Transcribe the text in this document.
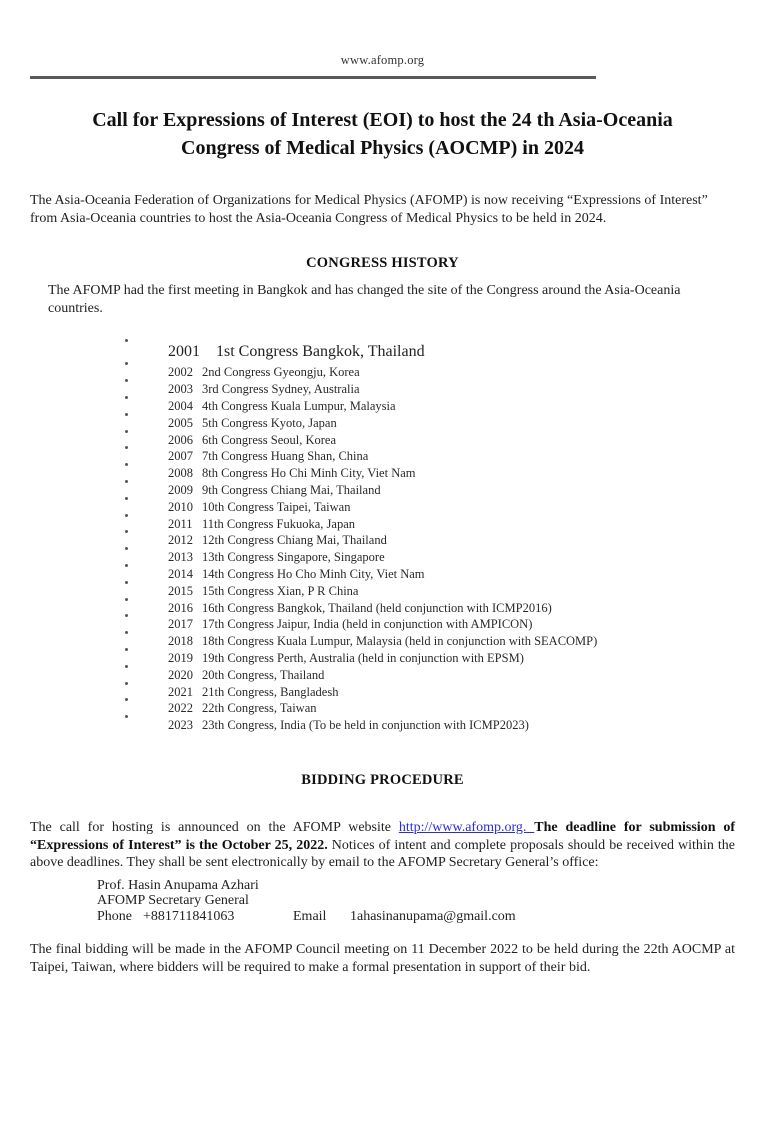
www.afomp.org
Call for Expressions of Interest (EOI) to host the 24 th Asia-Oceania Congress of Medical Physics (AOCMP) in 2024

The Asia-Oceania Federation of Organizations for Medical Physics (AFOMP) is now receiving “Expressions of Interest” from Asia-Oceania countries to host the Asia-Oceania Congress of Medical Physics to be held in 2024.

CONGRESS HISTORY

The AFOMP had the first meeting in Bangkok and has changed the site of the Congress around the Asia-Oceania countries.

2001 1st Congress Bangkok, Thailand
2002 2nd Congress Gyeongju, Korea
2003 3rd Congress Sydney, Australia
2004 4th Congress Kuala Lumpur, Malaysia
2005 5th Congress Kyoto, Japan
2006 6th Congress Seoul, Korea
2007 7th Congress Huang Shan, China
2008 8th Congress Ho Chi Minh City, Viet Nam
2009 9th Congress Chiang Mai, Thailand
2010 10th Congress Taipei, Taiwan
2011 11th Congress Fukuoka, Japan
2012 12th Congress Chiang Mai, Thailand
2013 13th Congress Singapore, Singapore
2014 14th Congress Ho Cho Minh City, Viet Nam
2015 15th Congress Xian, P R China
2016 16th Congress Bangkok, Thailand (held conjunction with ICMP2016)
2017 17th Congress Jaipur, India (held in conjunction with AMPICON)
2018 18th Congress Kuala Lumpur, Malaysia (held in conjunction with SEACOMP)
2019 19th Congress Perth, Australia (held in conjunction with EPSM)
2020 20th Congress, Thailand
2021 21th Congress, Bangladesh
2022 22th Congress, Taiwan
2023 23th Congress, India (To be held in conjunction with ICMP2023)
BIDDING PROCEDURE

The call for hosting is announced on the AFOMP website http://www.afomp.org. The deadline for submission of “Expressions of Interest” is the October 25, 2022. Notices of intent and complete proposals should be received within the above deadlines. They shall be sent electronically by email to the AFOMP Secretary General’s office:

Prof. Hasin Anupama Azhari
AFOMP Secretary General
Phone +881711841063	Email 1ahasinanupama@gmail.com

The final bidding will be made in the AFOMP Council meeting on 11 December 2022 to be held during the 22th AOCMP at Taipei, Taiwan, where bidders will be required to make a formal presentation in support of their bid.
